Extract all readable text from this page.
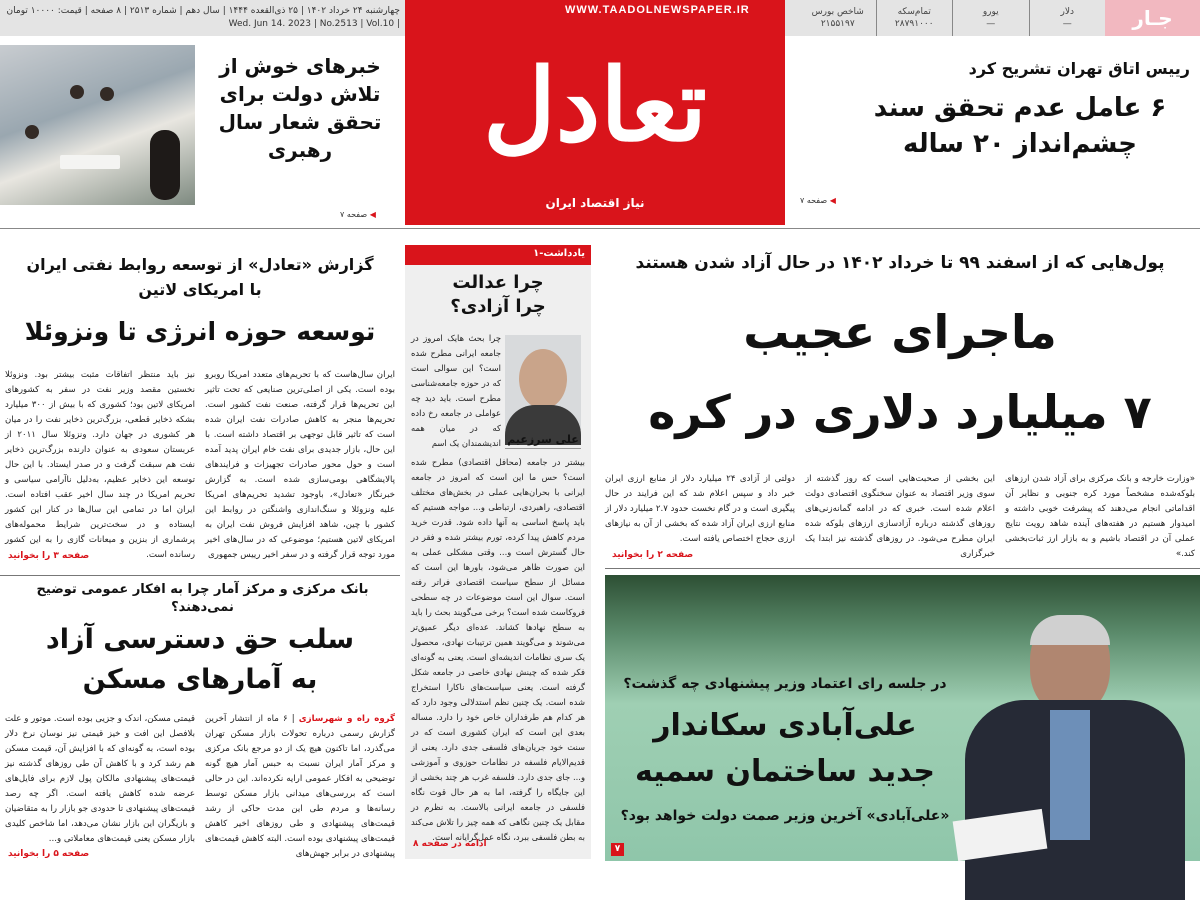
چهارشنبه ۲۴ خرداد ۱۴۰۲ | ۲۵ ذی‌القعده ۱۴۴۴ | سال دهم | شماره ۲۵۱۳ | ۸ صفحه | قیمت: ۱۰۰۰۰ تومان | Wed. Jun 14. 2023 | No.2513 | Vol.10
WWW.TAADOLNEWSPAPER.IR
تعادل
نیاز اقتصاد ایران
جـار
دلار
—
یورو
—
تمام‌سکه
۲۸۷۹۱۰۰۰
شاخص بورس
۲۱۵۵۱۹۷
خبرهای خوش از تلاش دولت برای تحقق شعار سال رهبری
◀ صفحه ۷
رییس اتاق تهران تشریح کرد
۶ عامل عدم تحقق سند چشم‌انداز ۲۰ ساله
◀ صفحه ۷
گزارش «تعادل» از توسعه روابط نفتی ایران
با امریکای لاتین
توسعه حوزه انرژی تا ونزوئلا
ایران سال‌هاست که با تحریم‌های متعدد امریکا روبرو بوده است. یکی از اصلی‌ترین صنایعی که تحت تاثیر این تحریم‌ها قرار گرفته، صنعت نفت کشور است. تحریم‌ها منجر به کاهش صادرات نفت ایران شده است که تاثیر قابل توجهی بر اقتصاد داشته است. با این حال، بازار جدیدی برای نفت خام ایران پدید آمده است و حول محور صادرات تجهیزات و فرایندهای پالایشگاهی بومی‌سازی شده است. به گزارش خبرنگار «تعادل»، باوجود تشدید تحریم‌های امریکا علیه ونزوئلا و سنگ‌اندازی واشنگتن در روابط این کشور با چین، شاهد افزایش فروش نفت ایران به امریکای لاتین هستیم؛ موضوعی که در سال‌های اخیر مورد توجه قرار گرفته و در سفر اخیر رییس جمهوری
نیز باید منتظر اتفاقات مثبت بیشتر بود. ونزوئلا نخستین مقصد وزیر نفت در سفر به کشورهای امریکای لاتین بود؛ کشوری که با بیش از ۳۰۰ میلیارد بشکه ذخایر قطعی، بزرگ‌ترین ذخایر نفت را در میان هر کشوری در جهان دارد. ونزوئلا سال ۲۰۱۱ از عربستان سعودی به عنوان دارنده بزرگ‌ترین ذخایر نفت هم سبقت گرفت و در صدر ایستاد. با این حال توسعه این ذخایر عظیم، به‌دلیل ناآرامی سیاسی و تحریم امریکا در چند سال اخیر عقب افتاده است. ایران اما در تمامی این سال‌ها در کنار این کشور ایستاده و در سخت‌ترین شرایط محموله‌های پرشماری از بنزین و میعانات گازی را به این کشور رسانده است.
صفحه ۳ را بخوانید
بانک مرکزی و مرکز آمار چرا به افکار عمومی توضیح نمی‌دهند؟
سلب حق دسترسی آزاد
به آمارهای مسکن
گروه راه و شهرسازی | ۶ ماه از انتشار آخرین گزارش رسمی درباره تحولات بازار مسکن تهران می‌گذرد، اما تاکنون هیچ یک از دو مرجع بانک مرکزی و مرکز آمار ایران نسبت به حبس آمار هیچ گونه توضیحی به افکار عمومی ارایه نکرده‌اند. این در حالی است که بررسی‌های میدانی بازار مسکن توسط رسانه‌ها و مردم طی این مدت حاکی از رشد قیمت‌های پیشنهادی و طی روزهای اخیر کاهش قیمت‌های پیشنهادی بوده است. البته کاهش قیمت‌های پیشنهادی در برابر جهش‌های
قیمتی مسکن، اندک و جزیی بوده است. موتور و علت بلافصل این افت و خیز قیمتی نیز نوسان نرخ دلار بوده است، به گونه‌ای که با افزایش آن، قیمت مسکن هم رشد کرد و با کاهش آن طی روزهای گذشته نیز قیمت‌های پیشنهادی مالکان پول لازم برای فایل‌های عرضه شده کاهش یافته است. اگر چه رصد قیمت‌های پیشنهادی تا حدودی جو بازار را به متقاضیان و بازیگران این بازار نشان می‌دهد، اما شاخص کلیدی بازار مسکن یعنی قیمت‌های معاملاتی و...
صفحه ۵ را بخوانید
یادداشت-۱
چرا عدالت
چرا آزادی؟
علی سرزعیم
چرا بحث هایک امروز در جامعه ایرانی مطرح شده است؟ این سوالی است که در حوزه جامعه‌شناسی مطرح است. باید دید چه عواملی در جامعه رخ داده که در میان همه اندیشمندان یک اسم
بیشتر در جامعه (محافل اقتصادی) مطرح شده است؟ حس ما این است که امروز در جامعه ایرانی با بحران‌هایی عملی در بخش‌های مختلف اقتصادی، راهبردی، ارتباطی و... مواجه هستیم که باید پاسخ اساسی به آنها داده شود. قدرت خرید مردم کاهش پیدا کرده، تورم بیشتر شده و فقر در حال گسترش است و... وقتی مشکلی عملی به این صورت ظاهر می‌شود، باورها این است که مسائل از سطح سیاست اقتصادی فراتر رفته است. سوال این است موضوعات در چه سطحی فروکاست شده است؟ برخی می‌گویند بحث را باید به سطح نهادها کشاند. عده‌ای دیگر عمیق‌تر می‌شوند و می‌گویند همین ترتیبات نهادی، محصول یک سری نظامات اندیشه‌ای است. یعنی به گونه‌ای فکر شده که چینش نهادی خاصی در جامعه شکل گرفته است. یعنی سیاست‌های ناکارا استخراج شده است. یک چنین نظم استدلالی وجود دارد که هر کدام هم طرفداران خاص خود را دارد. مساله بعدی این است که ایران کشوری است که در سنت خود جریان‌های فلسفی جدی دارد. یعنی از قدیم‌الایام فلسفه در نظامات حوزوی و آموزشی و... جای جدی دارد. فلسفه غرب هر چند بخشی از این جایگاه را گرفته، اما به هر حال قوت نگاه فلسفی در جامعه ایرانی بالاست. به نظرم در مقابل یک چنین نگاهی که همه چیز را تلاش می‌کند به بطن فلسفی ببرد، نگاه عمل‌گرایانه است.
ادامه در صفحه ۸
پول‌هایی که از اسفند ۹۹ تا خرداد ۱۴۰۲ در حال آزاد شدن هستند
ماجرای عجیب
۷ میلیارد دلاری در کره
«وزارت خارجه و بانک مرکزی برای آزاد شدن ارزهای بلوکه‌شده مشخصاً مورد کره جنوبی و نظایر آن اقداماتی انجام می‌دهند که پیشرفت خوبی داشته و امیدوار هستیم در هفته‌های آینده شاهد رویت نتایج عملی آن در اقتصاد باشیم و به بازار ارز ثبات‌بخشی کند.»
این بخشی از صحبت‌هایی است که روز گذشته از سوی وزیر اقتصاد به عنوان سخنگوی اقتصادی دولت اعلام شده است. خبری که در ادامه گمانه‌زنی‌های روزهای گذشته درباره آزادسازی ارزهای بلوکه شده ایران مطرح می‌شود. در روزهای گذشته نیز ابتدا یک خبرگزاری
دولتی از آزادی ۲۴ میلیارد دلار از منابع ارزی ایران خبر داد و سپس اعلام شد که این فرایند در حال پیگیری است و در گام نخست حدود ۲.۷ میلیارد دلار از منابع ارزی ایران آزاد شده که بخشی از آن به نیازهای ارزی حجاج اختصاص یافته است.
صفحه ۲ را بخوانید
در جلسه رای اعتماد وزیر پیشنهادی چه گذشت؟
علی‌آبادی سکاندار
جدید ساختمان سمیه
«علی‌آبادی» آخرین وزیر صمت دولت خواهد بود؟
۷
